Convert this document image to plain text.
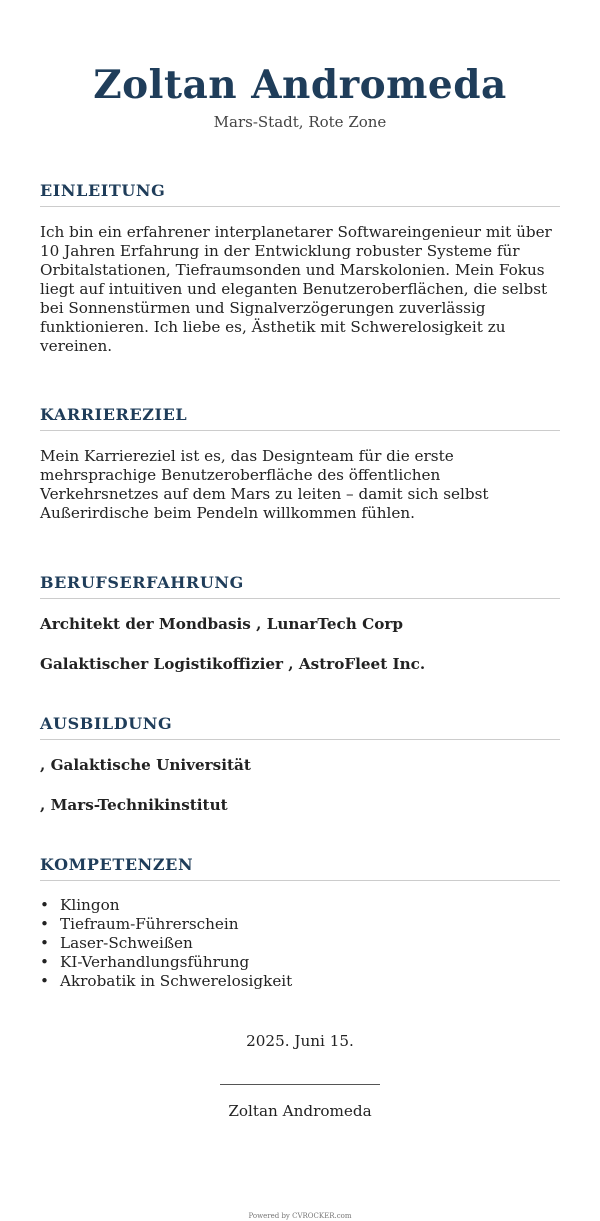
Zoltan Andromeda
Mars-Stadt, Rote Zone
EINLEITUNG

Ich bin ein erfahrener interplanetarer Softwareingenieur mit über 10 Jahren Erfahrung in der Entwicklung robuster Systeme für Orbitalstationen, Tiefraumsonden und Marskolonien. Mein Fokus liegt auf intuitiven und eleganten Benutzeroberflächen, die selbst bei Sonnenstürmen und Signalverzögerungen zuverlässig funktionieren. Ich liebe es, Ästhetik mit Schwerelosigkeit zu vereinen.

KARRIEREZIEL

Mein Karriereziel ist es, das Designteam für die erste mehrsprachige Benutzeroberfläche des öffentlichen Verkehrsnetzes auf dem Mars zu leiten – damit sich selbst Außerirdische beim Pendeln willkommen fühlen.

BERUFSERFAHRUNG
Architekt der Mondbasis , LunarTech Corp
Galaktischer Logistikoffizier , AstroFleet Inc.
AUSBILDUNG
, Galaktische Universität
, Mars-Technikinstitut
KOMPETENZEN
• Klingon
• Tiefraum-Führerschein
• Laser-Schweißen
• KI-Verhandlungsführung
• Akrobatik in Schwerelosigkeit
2025. Juni 15.
Zoltan Andromeda
Powered by CVROCKER.com
